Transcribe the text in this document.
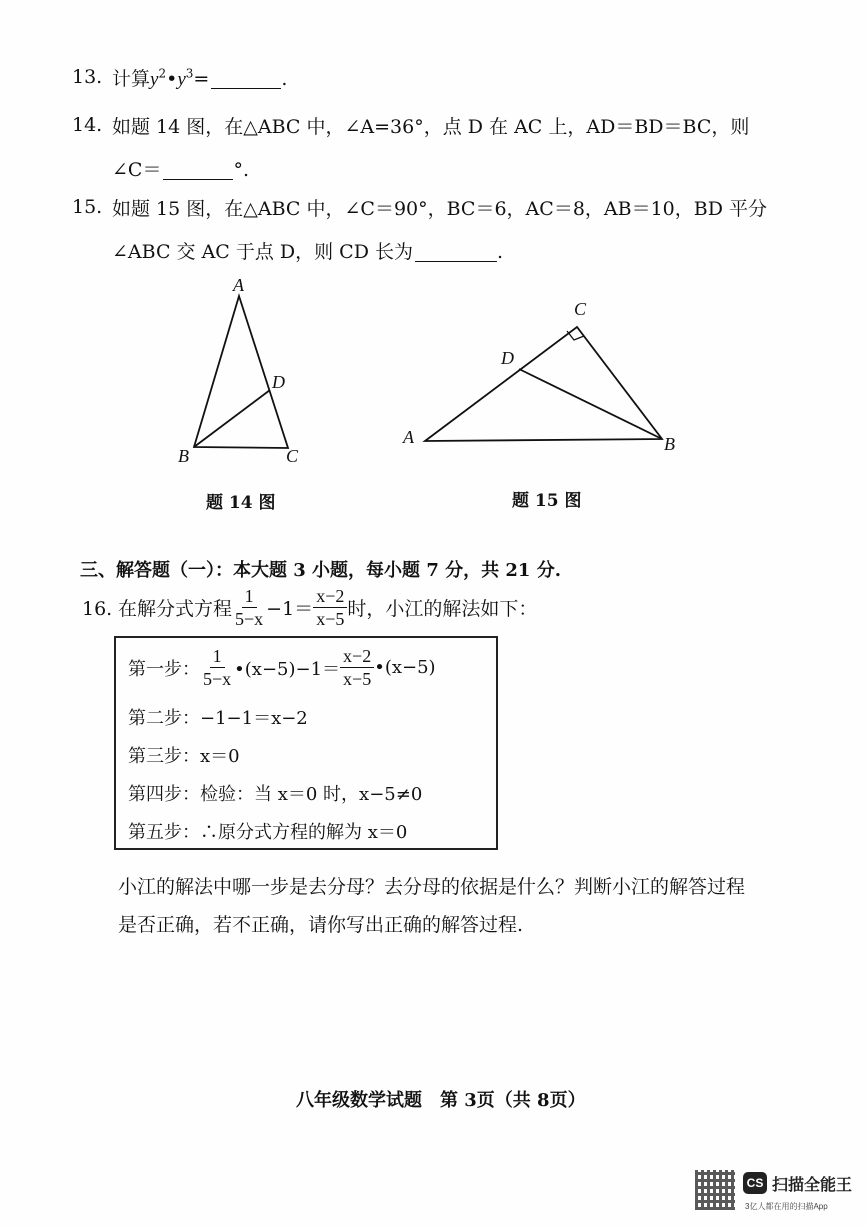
13. 计算$y^2•y^3=$	.
14. 如题 14 图，在△ABC 中，∠A=36°，点 D 在 AC 上，AD＝BD＝BC，则
∠C＝	°.
15. 如题 15 图，在△ABC 中，∠C＝90°，BC＝6，AC＝8，AB＝10，BD 平分
∠ABC 交 AC 于点 D，则 CD 长为	.
A
B	C
D
A	B
C
D
题 14 图	题 15 图
三、解答题（一）：本大题 3 小题，每小题 7 分，共 21 分.
16. 在解分式方程 $\frac{1}{5-x} -1= \frac{x-2}{x-5}$ 时，小江的解法如下：
第一步： $\frac{1}{5-x}$ •(x−5)−1＝ $\frac{x-2}{x-5}$ •(x−5)
第二步：−1−1＝x−2
第三步：x＝0
第四步：检验：当 x＝0 时，x−5≠0
第五步：∴原分式方程的解为 x＝0
小江的解法中哪一步是去分母？去分母的依据是什么？判断小江的解答过程
是否正确，若不正确，请你写出正确的解答过程.
八年级数学试题　第 3页（共 8页）
CS 扫描全能王
3亿人都在用的扫描App
